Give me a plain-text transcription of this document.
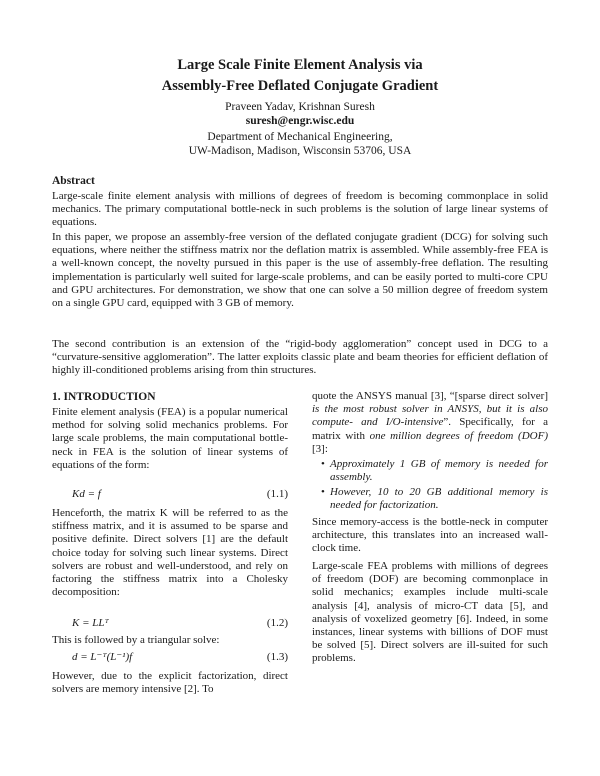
Large Scale Finite Element Analysis via
Assembly-Free Deflated Conjugate Gradient
Praveen Yadav, Krishnan Suresh
suresh@engr.wisc.edu
Department of Mechanical Engineering,
UW-Madison, Madison, Wisconsin 53706, USA
Abstract

Large-scale finite element analysis with millions of degrees of freedom is becoming commonplace in solid mechanics. The primary computational bottle-neck in such problems is the solution of large linear systems of equations.

In this paper, we propose an assembly-free version of the deflated conjugate gradient (DCG) for solving such equations, where neither the stiffness matrix nor the deflation matrix is assembled. While assembly-free FEA is a well-known concept, the novelty pursued in this paper is the use of assembly-free deflation. The resulting implementation is particularly well suited for large-scale problems, and can be easily ported to multi-core CPU and GPU architectures. For demonstration, we show that one can solve a 50 million degree of freedom system on a single GPU card, equipped with 3 GB of memory.

The second contribution is an extension of the “rigid-body agglomeration” concept used in DCG to a “curvature-sensitive agglomeration”. The latter exploits classic plate and beam theories for efficient deflation of highly ill-conditioned problems arising from thin structures.

1. INTRODUCTION

Finite element analysis (FEA) is a popular numerical method for solving solid mechanics problems. For large scale problems, the main computational bottle-neck in FEA is the solution of linear systems of equations of the form:

Kd = f	(1.1)

Henceforth, the matrix K will be referred to as the stiffness matrix, and it is assumed to be sparse and positive definite. Direct solvers [1] are the default choice today for solving such linear systems. Direct solvers are robust and well-understood, and rely on factoring the stiffness matrix into a Cholesky decomposition:

K = LLᵀ	(1.2)

This is followed by a triangular solve:

d = L⁻ᵀ(L⁻¹)f	(1.3)

However, due to the explicit factorization, direct solvers are memory intensive [2]. To

quote the ANSYS manual [3], “[sparse direct solver] is the most robust solver in ANSYS, but it is also compute- and I/O-intensive”. Specifically, for a matrix with one million degrees of freedom (DOF) [3]:

• Approximately 1 GB of memory is needed for assembly.
• However, 10 to 20 GB additional memory is needed for factorization.

Since memory-access is the bottle-neck in computer architecture, this translates into an increased wall-clock time.

Large-scale FEA problems with millions of degrees of freedom (DOF) are becoming commonplace in solid mechanics; examples include multi-scale analysis [4], analysis of micro-CT data [5], and analysis of voxelized geometry [6]. Indeed, in some instances, linear systems with billions of DOF must be solved [5]. Direct solvers are ill-suited for such problems.
